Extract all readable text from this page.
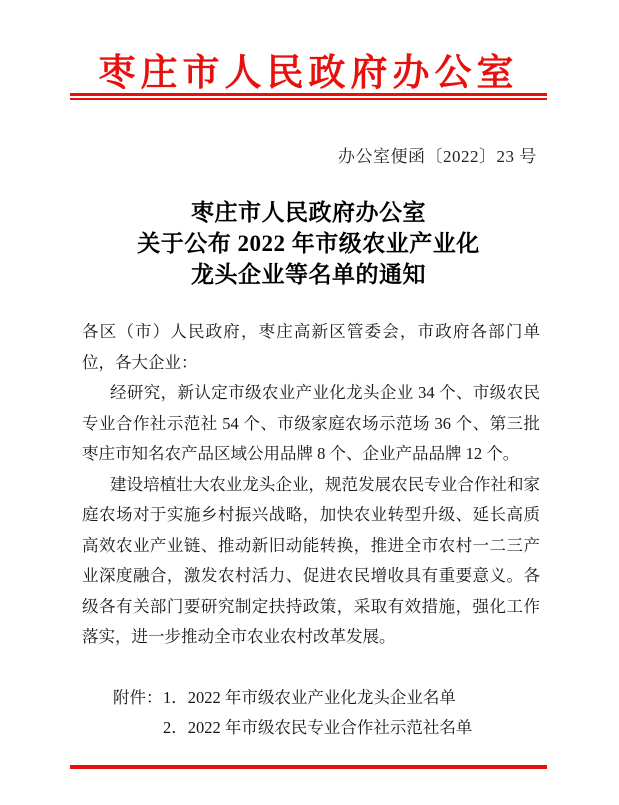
枣庄市人民政府办公室
办公室便函〔2022〕23 号
枣庄市人民政府办公室
关于公布 2022 年市级农业产业化
龙头企业等名单的通知

各区（市）人民政府，枣庄高新区管委会，市政府各部门单位，各大企业：

经研究，新认定市级农业产业化龙头企业 34 个、市级农民专业合作社示范社 54 个、市级家庭农场示范场 36 个、第三批枣庄市知名农产品区域公用品牌 8 个、企业产品品牌 12 个。

建设培植壮大农业龙头企业，规范发展农民专业合作社和家庭农场对于实施乡村振兴战略，加快农业转型升级、延长高质高效农业产业链、推动新旧动能转换，推进全市农村一二三产业深度融合，激发农村活力、促进农民增收具有重要意义。各级各有关部门要研究制定扶持政策，采取有效措施，强化工作落实，进一步推动全市农业农村改革发展。

附件：1．2022 年市级农业产业化龙头企业名单
2．2022 年市级农民专业合作社示范社名单
